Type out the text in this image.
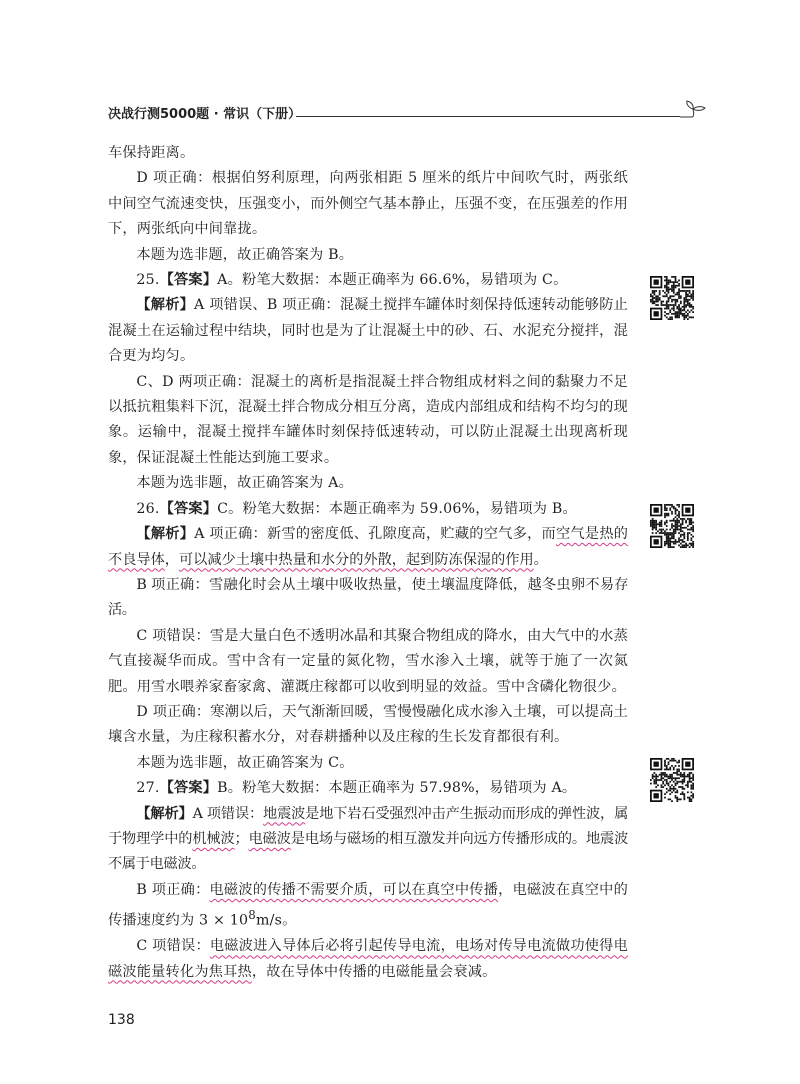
决战行测5000题 · 常识（下册）

车保持距离。

D 项正确：根据伯努利原理，向两张相距 5 厘米的纸片中间吹气时，两张纸中间空气流速变快，压强变小，而外侧空气基本静止，压强不变，在压强差的作用下，两张纸向中间靠拢。

本题为选非题，故正确答案为 B。

25.【答案】A。粉笔大数据：本题正确率为 66.6%，易错项为 C。

【解析】A 项错误、B 项正确：混凝土搅拌车罐体时刻保持低速转动能够防止混凝土在运输过程中结块，同时也是为了让混凝土中的砂、石、水泥充分搅拌，混合更为均匀。

C、D 两项正确：混凝土的离析是指混凝土拌合物组成材料之间的黏聚力不足以抵抗粗集料下沉，混凝土拌合物成分相互分离，造成内部组成和结构不均匀的现象。运输中，混凝土搅拌车罐体时刻保持低速转动，可以防止混凝土出现离析现象，保证混凝土性能达到施工要求。

本题为选非题，故正确答案为 A。

26.【答案】C。粉笔大数据：本题正确率为 59.06%，易错项为 B。

【解析】A 项正确：新雪的密度低、孔隙度高，贮藏的空气多，而空气是热的不良导体，可以减少土壤中热量和水分的外散，起到防冻保湿的作用。

B 项正确：雪融化时会从土壤中吸收热量，使土壤温度降低，越冬虫卵不易存活。

C 项错误：雪是大量白色不透明冰晶和其聚合物组成的降水，由大气中的水蒸气直接凝华而成。雪中含有一定量的氮化物，雪水渗入土壤，就等于施了一次氮肥。用雪水喂养家畜家禽、灌溉庄稼都可以收到明显的效益。雪中含磷化物很少。

D 项正确：寒潮以后，天气渐渐回暖，雪慢慢融化成水渗入土壤，可以提高土壤含水量，为庄稼积蓄水分，对春耕播种以及庄稼的生长发育都很有利。

本题为选非题，故正确答案为 C。

27.【答案】B。粉笔大数据：本题正确率为 57.98%，易错项为 A。

【解析】A 项错误：地震波是地下岩石受强烈冲击产生振动而形成的弹性波，属于物理学中的机械波；电磁波是电场与磁场的相互激发并向远方传播形成的。地震波不属于电磁波。

B 项正确：电磁波的传播不需要介质，可以在真空中传播，电磁波在真空中的传播速度约为 $3 \times 10^8m/s$。

C 项错误：电磁波进入导体后必将引起传导电流，电场对传导电流做功使得电磁波能量转化为焦耳热，故在导体中传播的电磁能量会衰减。

138
